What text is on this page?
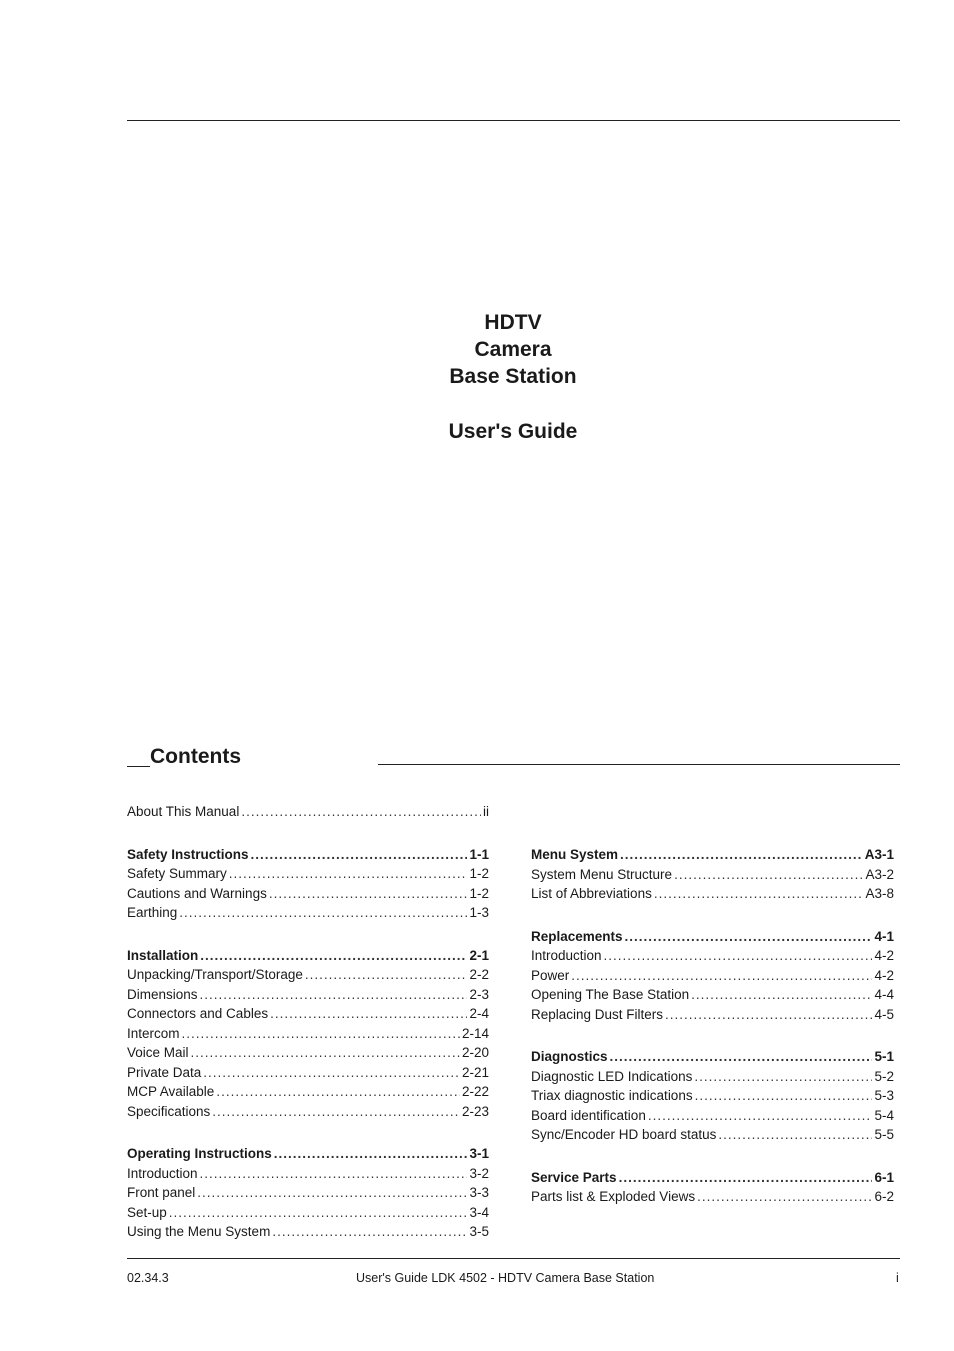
HDTV
Camera
Base Station
User's Guide
Contents
About This Manual .....	ii
Safety Instructions .....	1-1
Safety Summary .....	1-2
Cautions and Warnings .....	1-2
Earthing .....	1-3
Installation .....	2-1
Unpacking/Transport/Storage .....	2-2
Dimensions .....	2-3
Connectors and Cables .....	2-4
Intercom .....	2-14
Voice Mail .....	2-20
Private Data .....	2-21
MCP Available .....	2-22
Specifications .....	2-23
Operating Instructions .....	3-1
Introduction .....	3-2
Front panel .....	3-3
Set-up .....	3-4
Using the Menu System .....	3-5
Menu System .....	A3-1
System Menu Structure .....	A3-2
List of Abbreviations .....	A3-8
Replacements .....	4-1
Introduction .....	4-2
Power .....	4-2
Opening The Base Station .....	4-4
Replacing Dust Filters .....	4-5
Diagnostics .....	5-1
Diagnostic LED Indications .....	5-2
Triax diagnostic indications .....	5-3
Board identification .....	5-4
Sync/Encoder HD board status .....	5-5
Service Parts .....	6-1
Parts list & Exploded Views .....	6-2
02.34.3	User's Guide LDK 4502 - HDTV Camera Base Station	i
